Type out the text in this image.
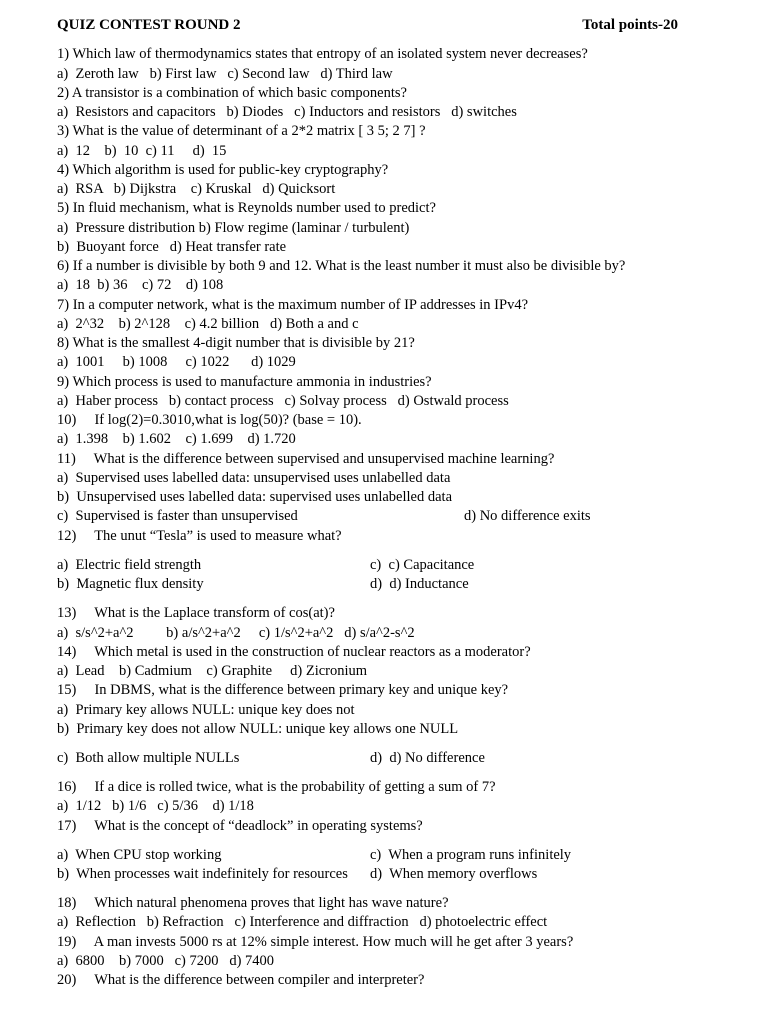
QUIZ CONTEST ROUND 2	Total points-20
1) Which law of thermodynamics states that entropy of an isolated system never decreases?
a)  Zeroth law   b) First law   c) Second law   d) Third law
2) A transistor is a combination of which basic components?
a)  Resistors and capacitors   b) Diodes   c) Inductors and resistors   d) switches
3) What is the value of determinant of a 2*2 matrix [ 3 5; 2 7] ?
a)  12    b)  10  c) 11     d)  15
4) Which algorithm is used for public-key cryptography?
a)  RSA   b) Dijkstra    c) Kruskal   d) Quicksort
5) In fluid mechanism, what is Reynolds number used to predict?
a)  Pressure distribution b) Flow regime (laminar / turbulent)
b)  Buoyant force   d) Heat transfer rate
6) If a number is divisible by both 9 and 12. What is the least number it must also be divisible by?
a)  18  b) 36    c) 72    d) 108
7) In a computer network, what is the maximum number of IP addresses in IPv4?
a)  2^32    b) 2^128    c) 4.2 billion   d) Both a and c
8) What is the smallest 4-digit number that is divisible by 21?
a)  1001     b) 1008     c) 1022      d) 1029
9) Which process is used to manufacture ammonia in industries?
a)  Haber process   b) contact process   c) Solvay process   d) Ostwald process
10)     If log(2)=0.3010,what is log(50)? (base = 10).
a)  1.398    b) 1.602    c) 1.699    d) 1.720
11)     What is the difference between supervised and unsupervised machine learning?
a)  Supervised uses labelled data: unsupervised uses unlabelled data
b)  Unsupervised uses labelled data: supervised uses unlabelled data
c)  Supervised is faster than unsupervised	d) No difference exits
12)     The unut “Tesla” is used to measure what?
a)  Electric field strength	c)  c) Capacitance
b)  Magnetic flux density	d)  d) Inductance
13)     What is the Laplace transform of cos(at)?
a)  s/s^2+a^2         b) a/s^2+a^2     c) 1/s^2+a^2   d) s/a^2-s^2
14)     Which metal is used in the construction of nuclear reactors as a moderator?
a)  Lead    b) Cadmium    c) Graphite     d) Zicronium
15)     In DBMS, what is the difference between primary key and unique key?
a)  Primary key allows NULL: unique key does not
b)  Primary key does not allow NULL: unique key allows one NULL
c)  Both allow multiple NULLs	d)  d) No difference
16)     If a dice is rolled twice, what is the probability of getting a sum of 7?
a)  1/12   b) 1/6   c) 5/36    d) 1/18
17)     What is the concept of “deadlock” in operating systems?
a)  When CPU stop working	c)  When a program runs infinitely
b)  When processes wait indefinitely for resources d)  When memory overflows
18)     Which natural phenomena proves that light has wave nature?
a)  Reflection   b) Refraction   c) Interference and diffraction   d) photoelectric effect
19)     A man invests 5000 rs at 12% simple interest. How much will he get after 3 years?
a)  6800    b) 7000   c) 7200   d) 7400
20)     What is the difference between compiler and interpreter?
